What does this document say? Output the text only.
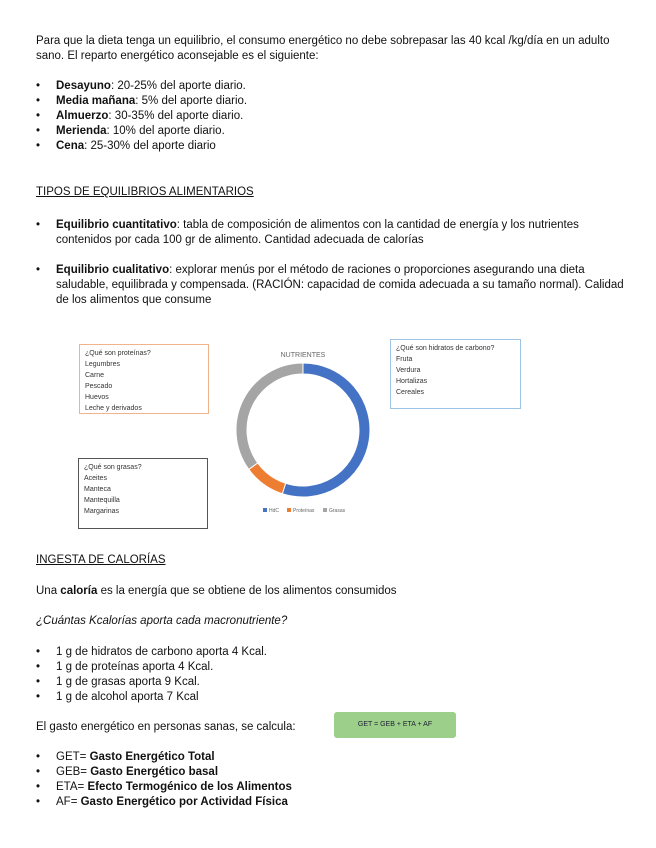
Para que la dieta tenga un equilibrio, el consumo energético no debe sobrepasar las 40 kcal /kg/día en un adulto sano. El reparto energético aconsejable es el siguiente:

• Desayuno: 20-25% del aporte diario.
• Media mañana: 5% del aporte diario.
• Almuerzo: 30-35% del aporte diario.
• Merienda: 10% del aporte diario.
• Cena: 25-30% del aporte diario

TIPOS DE EQUILIBRIOS ALIMENTARIOS

• Equilibrio cuantitativo: tabla de composición de alimentos con la cantidad de energía y los nutrientes contenidos por cada 100 gr de alimento. Cantidad adecuada de calorías
• Equilibrio cualitativo: explorar menús por el método de raciones o proporciones asegurando una dieta saludable, equilibrada y compensada. (RACIÓN: capacidad de comida adecuada a su tamaño normal). Calidad de los alimentos que consume
¿Qué son proteínas?
Legumbres
Carne
Pescado
Huevos
Leche y derivados
¿Qué son hidratos de carbono?
Fruta
Verdura
Hortalizas
Cereales
¿Qué son grasas?
Aceites
Manteca
Mantequilla
Margarinas
NUTRIENTES
HdC	Proteínas	Grasas

INGESTA DE CALORÍAS

Una caloría es la energía que se obtiene de los alimentos consumidos

¿Cuántas Kcalorías aporta cada macronutriente?

• 1 g de hidratos de carbono aporta 4 Kcal.
• 1 g de proteínas aporta 4 Kcal.
• 1 g de grasas aporta 9 Kcal.
• 1 g de alcohol aporta 7 Kcal

El gasto energético en personas sanas, se calcula:	GET = GEB + ETA + AF
• GET= Gasto Energético Total
• GEB= Gasto Energético basal
• ETA= Efecto Termogénico de los Alimentos
• AF= Gasto Energético por Actividad Física
